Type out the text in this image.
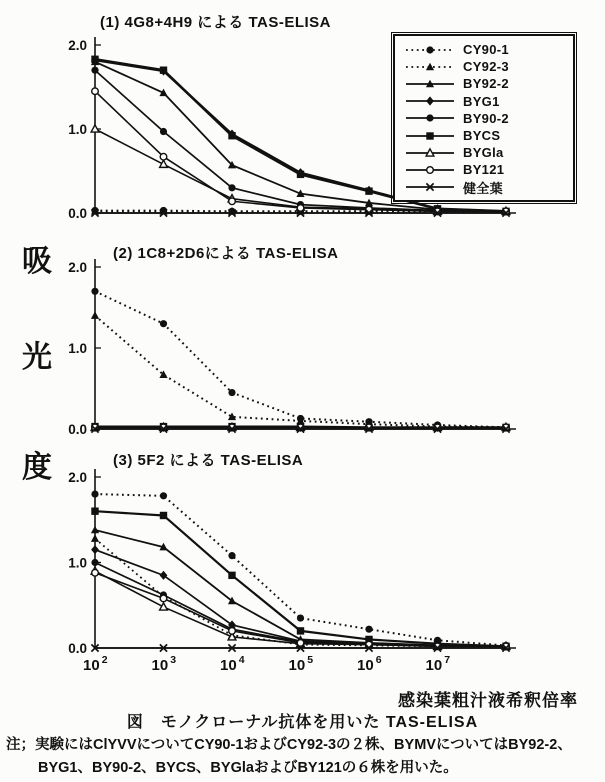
吸
光
度
(1) 4G8+4H9 による TAS-ELISA
(2) 1C8+2D6による TAS-ELISA
(3) 5F2 による TAS-ELISA
0.0
1.0
2.0
0.0
1.0
2.0
0.0
1.0
2.0
10 $^2$	10 $^3$	10 $^4$	10 $^5$	10 $^6$	10 $^7$
CY90-1
CY92-3
BY92-2
BYG1
BY90-2
BYCS
BYGla
BY121
健全葉
感染葉粗汁液希釈倍率
図　モノクローナル抗体を用いた TAS-ELISA
注；実験にはClYVVについてCY90-1およびCY92-3の２株、BYMVについてはBY92-2、
BYG1、BY90-2、BYCS、BYGlaおよびBY121の６株を用いた。
